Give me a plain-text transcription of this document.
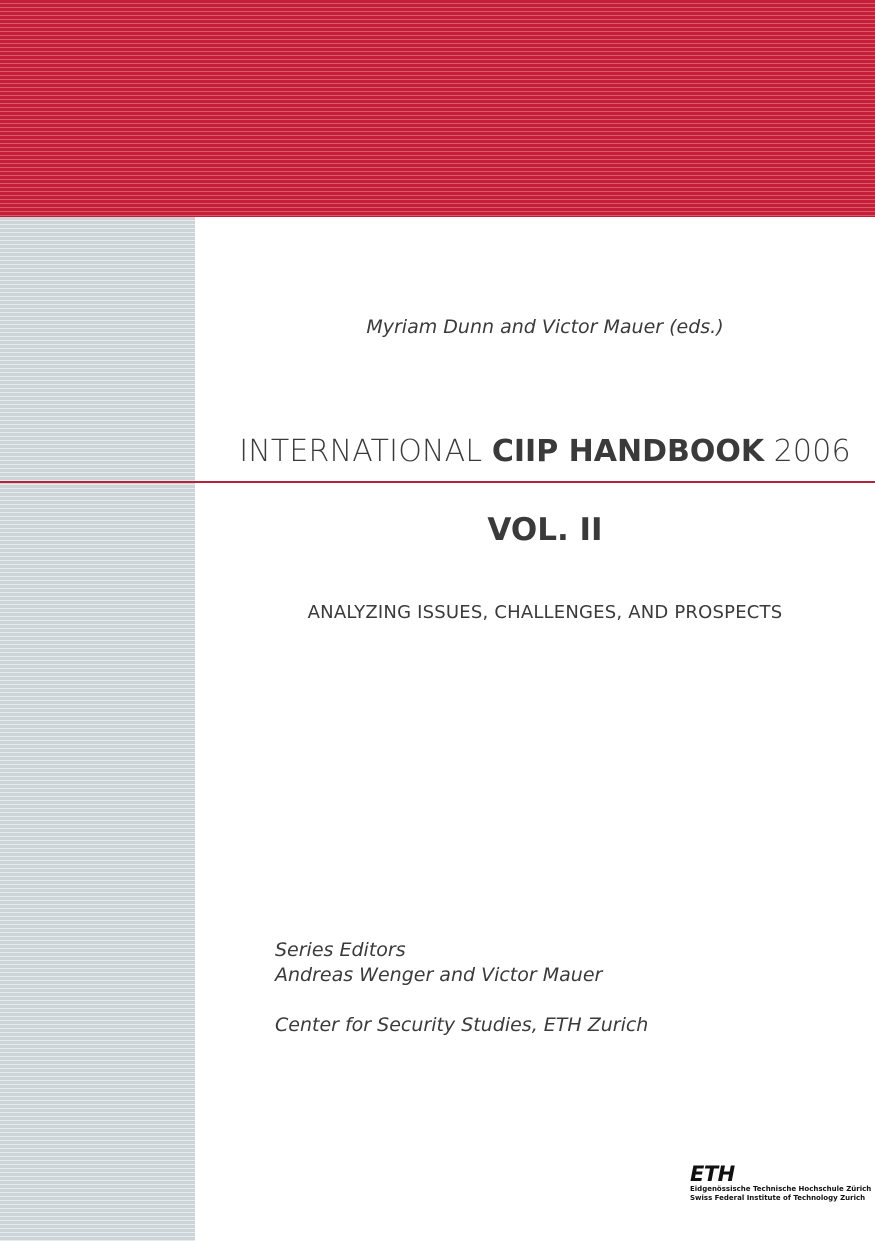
Myriam Dunn and Victor Mauer (eds.)
INTERNATIONAL CIIP HANDBOOK 2006
VOL. II
ANALYZING ISSUES, CHALLENGES, AND PROSPECTS
Series Editors
Andreas Wenger and Victor Mauer
Center for Security Studies, ETH Zurich
ETH
Eidgenössische Technische Hochschule Zürich
Swiss Federal Institute of Technology Zurich
